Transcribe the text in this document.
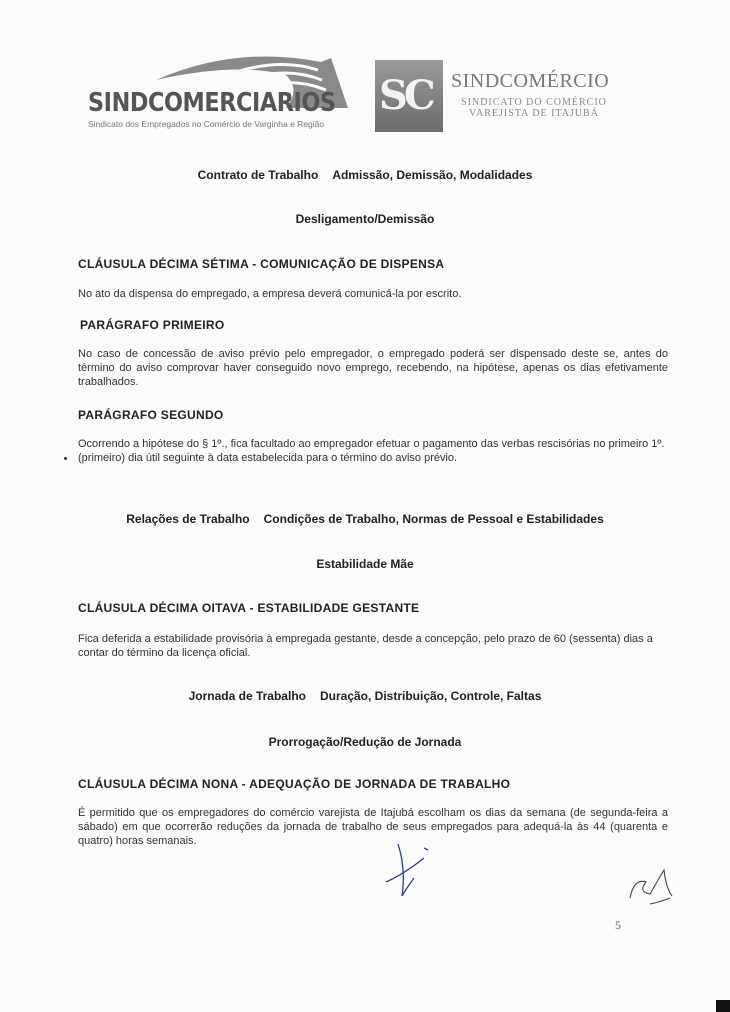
SINDCOMERCIARIOS
Sindicato dos Empregados no Comércio de Varginha e Região
SC SINDCOMÉRCIO
SINDICATO DO COMÉRCIO
VAREJISTA DE ITAJUBÁ
Contrato de Trabalho Admissão, Demissão, Modalidades
Desligamento/Demissão
CLÁUSULA DÉCIMA SÉTIMA - COMUNICAÇÃO DE DISPENSA
No ato da dispensa do empregado, a empresa deverá comunicá-la por escrito.
PARÁGRAFO PRIMEIRO
No caso de concessão de aviso prévio pelo empregador, o empregado poderá ser dispensado deste se, antes do término do aviso comprovar haver conseguido novo emprego, recebendo, na hipótese, apenas os dias efetivamente trabalhados.
PARÁGRAFO SEGUNDO
Ocorrendo a hipótese do § 1º., fica facultado ao empregador efetuar o pagamento das verbas rescisórias no primeiro 1º. (primeiro) dia útil seguinte à data estabelecida para o término do aviso prévio.
Relações de Trabalho Condições de Trabalho, Normas de Pessoal e Estabilidades
Estabilidade Mãe
CLÁUSULA DÉCIMA OITAVA - ESTABILIDADE GESTANTE
Fica deferida a estabilidade provisória à empregada gestante, desde a concepção, pelo prazo de 60 (sessenta) dias a contar do término da licença oficial.
Jornada de Trabalho Duração, Distribuição, Controle, Faltas
Prorrogação/Redução de Jornada
CLÁUSULA DÉCIMA NONA - ADEQUAÇÃO DE JORNADA DE TRABALHO
É permitido que os empregadores do comércio varejista de Itajubá escolham os dias da semana (de segunda-feira a sábado) em que ocorrerão reduções da jornada de trabalho de seus empregados para adequá-la às 44 (quarenta e quatro) horas semanais.
5
